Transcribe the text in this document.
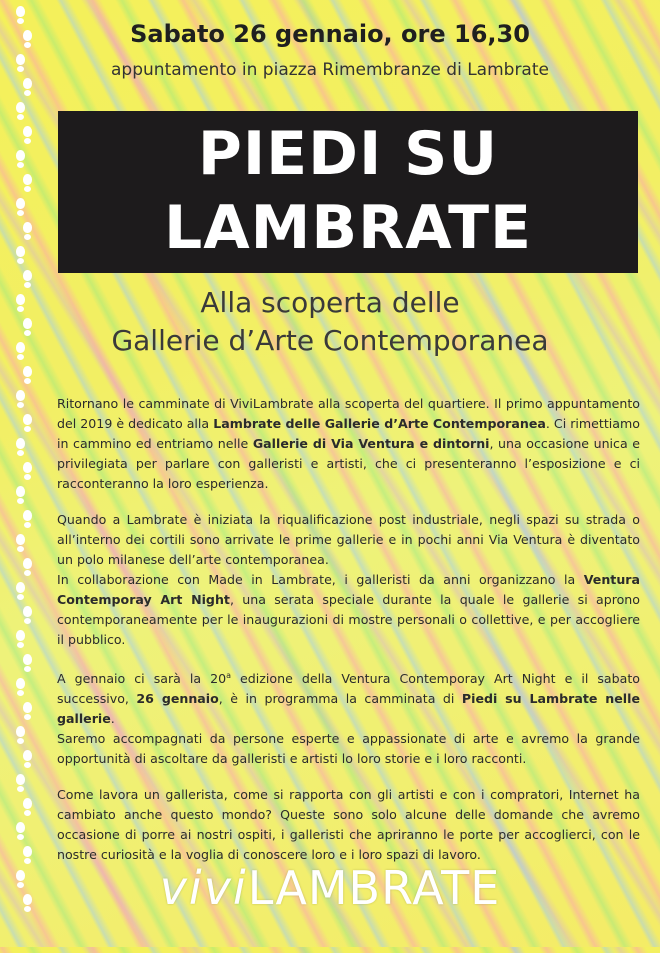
Sabato 26 gennaio, ore 16,30
appuntamento in piazza Rimembranze di Lambrate
PIEDI SU
LAMBRATE
Alla scoperta delle
Gallerie d’Arte Contemporanea

Ritornano le camminate di ViviLambrate alla scoperta del quartiere. Il primo appuntamento del 2019 è dedicato alla Lambrate delle Gallerie d’Arte Contemporanea. Ci rimettiamo in cammino ed entriamo nelle Gallerie di Via Ventura e dintorni, una occasione unica e privilegiata per parlare con galleristi e artisti, che ci presenteranno l’esposizione e ci racconteranno la loro esperienza.

Quando a Lambrate è iniziata la riqualificazione post industriale, negli spazi su strada o all’interno dei cortili sono arrivate le prime gallerie e in pochi anni Via Ventura è diventato un polo milanese dell’arte contemporanea.

In collaborazione con Made in Lambrate, i galleristi da anni organizzano la Ventura Contemporay Art Night, una serata speciale durante la quale le gallerie si aprono contemporaneamente per le inaugurazioni di mostre personali o collettive, e per accogliere il pubblico.

A gennaio ci sarà la 20$^a$ edizione della Ventura Contemporay Art Night e il sabato successivo, 26 gennaio, è in programma la camminata di Piedi su Lambrate nelle gallerie.

Saremo accompagnati da persone esperte e appassionate di arte e avremo la grande opportunità di ascoltare da galleristi e artisti lo loro storie e i loro racconti.

Come lavora un gallerista, come si rapporta con gli artisti e con i compratori, Internet ha cambiato anche questo mondo? Queste sono solo alcune delle domande che avremo occasione di porre ai nostri ospiti, i galleristi che apriranno le porte per accoglierci, con le nostre curiosità e la voglia di conoscere loro e i loro spazi di lavoro.

viviLAMBRATE
